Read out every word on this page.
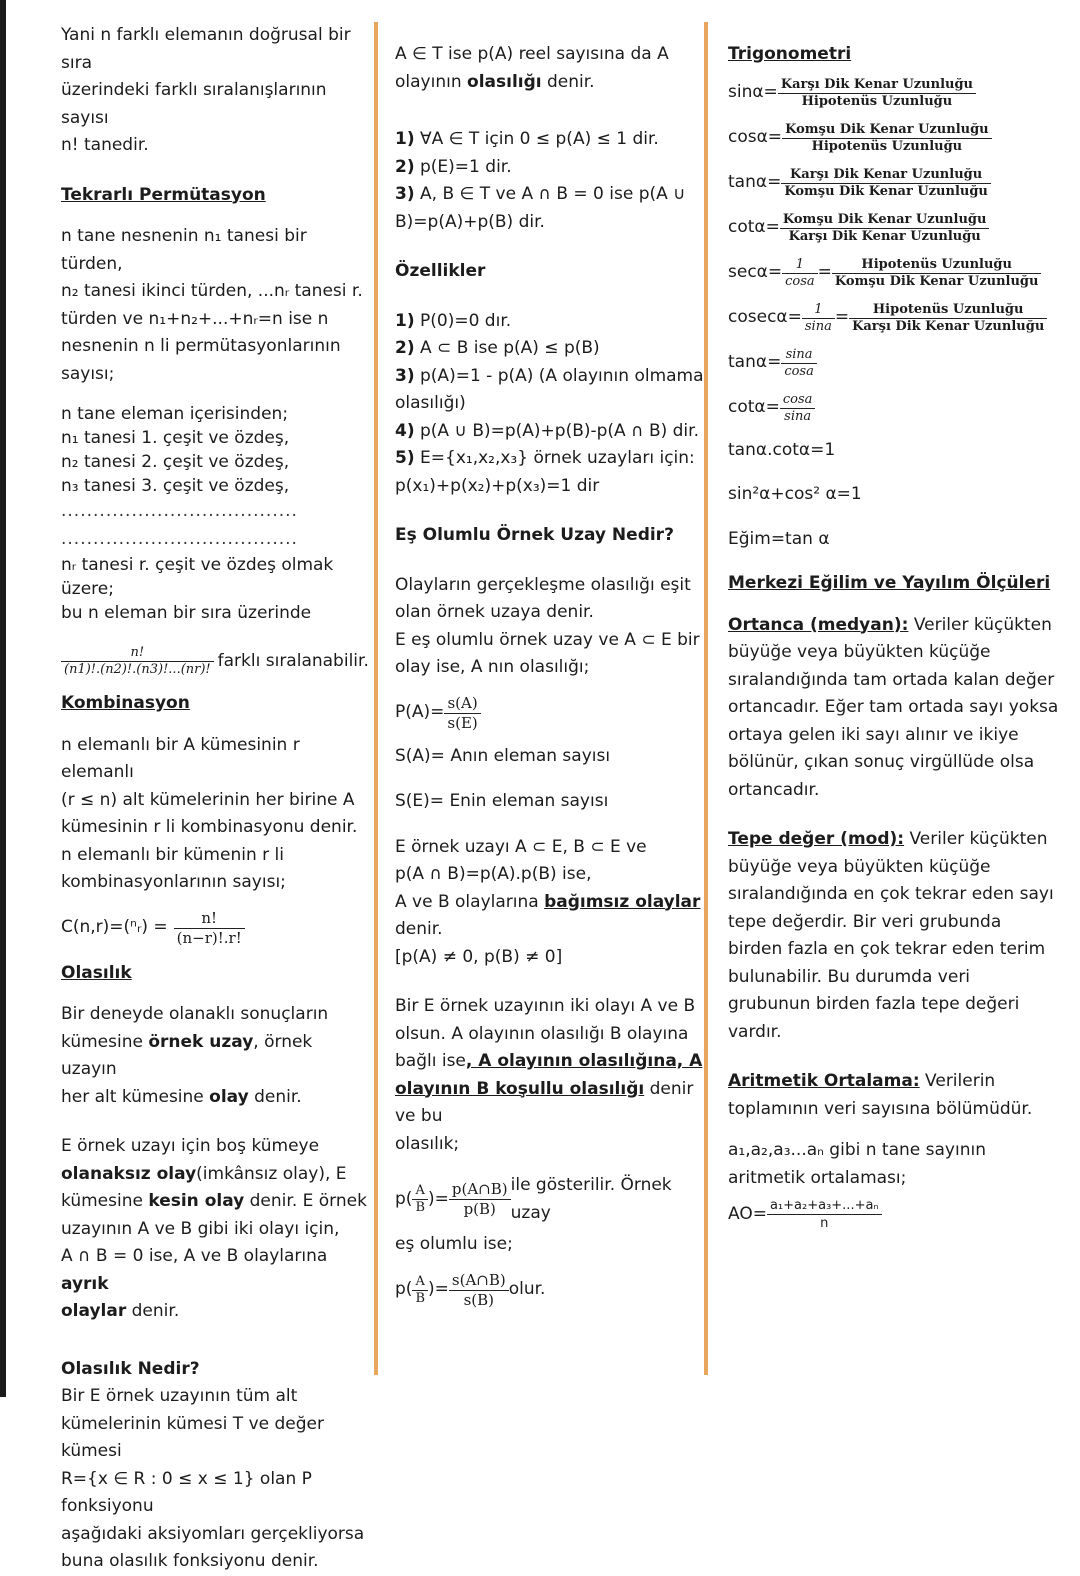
Yani n farklı elemanın doğrusal bir sıra

üzerindeki farklı sıralanışlarının sayısı

n! tanedir.

Tekrarlı Permütasyon

n tane nesnenin n₁ tanesi bir türden,

n₂ tanesi ikinci türden, ...nᵣ tanesi r.

türden ve n₁+n₂+...+nᵣ=n ise n

nesnenin n li permütasyonlarının

sayısı;

n tane eleman içerisinden;

n₁ tanesi 1. çeşit ve özdeş,

n₂ tanesi 2. çeşit ve özdeş,

n₃ tanesi 3. çeşit ve özdeş,

.....................................

.....................................

nᵣ tanesi r. çeşit ve özdeş olmak üzere;

bu n eleman bir sıra üzerinde

$\frac{n!}{(n1)!.(n2)!.(n3)!...(nr)!}$ farklı sıralanabilir.

Kombinasyon

n elemanlı bir A kümesinin r elemanlı

(r ≤ n) alt kümelerinin her birine A

kümesinin r li kombinasyonu denir.

n elemanlı bir kümenin r li

kombinasyonlarının sayısı;

C(n,r)=(ⁿᵣ) = $\frac{n!}{(n-r)!.r!}$

Olasılık

Bir deneyde olanaklı sonuçların

kümesine örnek uzay, örnek uzayın

her alt kümesine olay denir.

E örnek uzayı için boş kümeye

olanaksız olay(imkânsız olay), E

kümesine kesin olay denir. E örnek

uzayının A ve B gibi iki olayı için,

A ∩ B = 0 ise, A ve B olaylarına ayrık

olaylar denir.

Olasılık Nedir?

Bir E örnek uzayının tüm alt

kümelerinin kümesi T ve değer kümesi

R={x ∈ R : 0 ≤ x ≤ 1} olan P fonksiyonu

aşağıdaki aksiyomları gerçekliyorsa

buna olasılık fonksiyonu denir.

A ∈ T ise p(A) reel sayısına da A

olayının olasılığı denir.

1) ∀A ∈ T için 0 ≤ p(A) ≤ 1 dir.

2) p(E)=1 dir.

3) A, B ∈ T ve A ∩ B = 0 ise p(A ∪

B)=p(A)+p(B) dir.

Özellikler

1) P(0)=0 dır.

2) A ⊂ B ise p(A) ≤ p(B)

3) p(A)=1 - p(A) (A olayının olmama

olasılığı)

4) p(A ∪ B)=p(A)+p(B)-p(A ∩ B) dir.

5) E={x₁,x₂,x₃} örnek uzayları için:

p(x₁)+p(x₂)+p(x₃)=1 dir

Eş Olumlu Örnek Uzay Nedir?

Olayların gerçekleşme olasılığı eşit

olan örnek uzaya denir.

E eş olumlu örnek uzay ve A ⊂ E bir

olay ise, A nın olasılığı;

$P(A)= \frac{s(A)}{s(E)}$

S(A)= Anın eleman sayısı

S(E)= Enin eleman sayısı

E örnek uzayı A ⊂ E, B ⊂ E ve

p(A ∩ B)=p(A).p(B) ise,

A ve B olaylarına bağımsız olaylar

denir.

[p(A) ≠ 0, p(B) ≠ 0]

Bir E örnek uzayının iki olayı A ve B

olsun. A olayının olasılığı B olayına

bağlı ise, A olayının olasılığına, A

olayının B koşullu olasılığı denir ve bu

olasılık;

$p( \frac{A}{B}$ )= $\frac{p(A\cap B)}{p(B)}$ ile gösterilir. Örnek uzay

eş olumlu ise;

$p( \frac{A}{B}$ )= $\frac{s(A\cap B)}{s(B)}$ olur.

Trigonometri

$\sin\alpha= \frac{\text{Karşı Dik Kenar Uzunluğu}}{\text{Hipotenüs Uzunluğu}}$
$\cos\alpha= \frac{\text{Komşu Dik Kenar Uzunluğu}}{\text{Hipotenüs Uzunluğu}}$
$\tan\alpha= \frac{\text{Karşı Dik Kenar Uzunluğu}}{\text{Komşu Dik Kenar Uzunluğu}}$
$\cot\alpha= \frac{\text{Komşu Dik Kenar Uzunluğu}}{\text{Karşı Dik Kenar Uzunluğu}}$
$\sec\alpha= \frac{1}{\cos a} = \frac{\text{Hipotenüs Uzunluğu}}{\text{Komşu Dik Kenar Uzunluğu}}$
$cosec\alpha= \frac{1}{\sin a} = \frac{\text{Hipotenüs Uzunluğu}}{\text{Karşı Dik Kenar Uzunluğu}}$
$\tan\alpha= \frac{\sin a}{\cos a}$
$\cot\alpha= \frac{\cos a}{\sin a}$

tanα.cotα=1

sin²α+cos² α=1

Eğim=tan α

Merkezi Eğilim ve Yayılım Ölçüleri

Ortanca (medyan): Veriler küçükten

büyüğe veya büyükten küçüğe

sıralandığında tam ortada kalan değer

ortancadır. Eğer tam ortada sayı yoksa

ortaya gelen iki sayı alınır ve ikiye

bölünür, çıkan sonuç virgüllüde olsa

ortancadır.

Tepe değer (mod): Veriler küçükten

büyüğe veya büyükten küçüğe

sıralandığında en çok tekrar eden sayı

tepe değerdir. Bir veri grubunda

birden fazla en çok tekrar eden terim

bulunabilir. Bu durumda veri

grubunun birden fazla tepe değeri

vardır.

Aritmetik Ortalama: Verilerin

toplamının veri sayısına bölümüdür.

a₁,a₂,a₃...aₙ gibi n tane sayının

aritmetik ortalaması;

$AO= \frac{\text{a₁+a₂+a₃+...+aₙ}}{n}$
